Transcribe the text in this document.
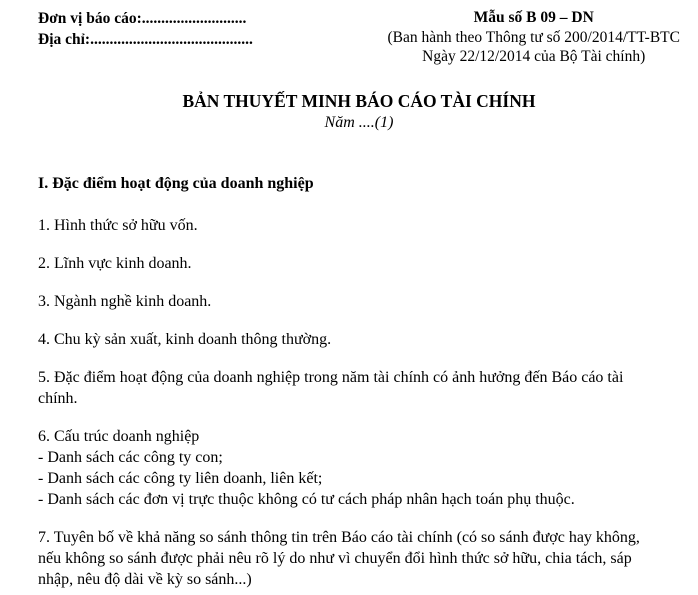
Đơn vị báo cáo:...........................
Địa chỉ:..........................................
Mẫu số B 09 – DN
(Ban hành theo Thông tư số 200/2014/TT-BTC
Ngày 22/12/2014 của Bộ Tài chính)
BẢN THUYẾT MINH BÁO CÁO TÀI CHÍNH
Năm ....(1)
I. Đặc điểm hoạt động của doanh nghiệp

1. Hình thức sở hữu vốn.

2. Lĩnh vực kinh doanh.

3. Ngành nghề kinh doanh.

4. Chu kỳ sản xuất, kinh doanh thông thường.

5. Đặc điểm hoạt động của doanh nghiệp trong năm tài chính có ảnh hưởng đến Báo cáo tài chính.

6. Cấu trúc doanh nghiệp
- Danh sách các công ty con;
- Danh sách các công ty liên doanh, liên kết;
- Danh sách các đơn vị trực thuộc không có tư cách pháp nhân hạch toán phụ thuộc.

7. Tuyên bố về khả năng so sánh thông tin trên Báo cáo tài chính (có so sánh được hay không, nếu không so sánh được phải nêu rõ lý do như vì chuyển đổi hình thức sở hữu, chia tách, sáp nhập, nêu độ dài về kỳ so sánh...)
